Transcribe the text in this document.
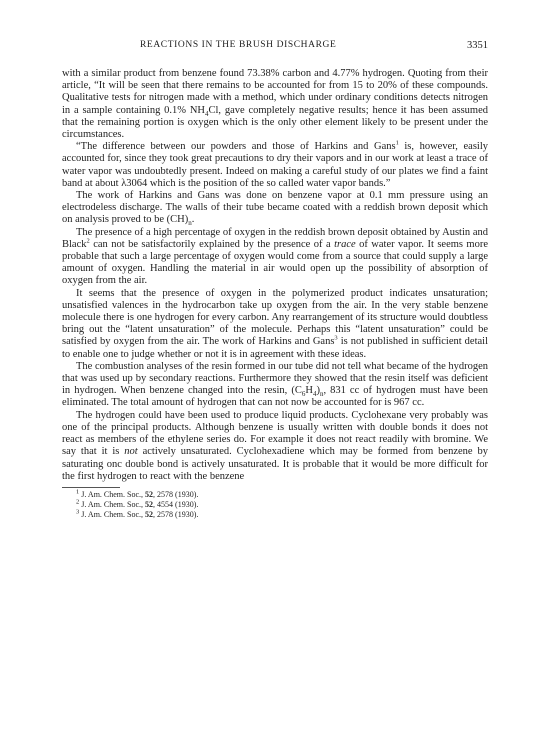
REACTIONS IN THE BRUSH DISCHARGE	3351

with a similar product from benzene found 73.38% carbon and 4.77% hydrogen. Quoting from their article, “It will be seen that there remains to be accounted for from 15 to 20% of these compounds. Qualitative tests for nitrogen made with a method, which under ordinary conditions detects nitrogen in a sample containing 0.1% $NH_4Cl$, gave completely negative results; hence it has been assumed that the remaining portion is oxygen which is the only other element likely to be present under the circumstances.

“The difference between our powders and those of Harkins and Gans$^1$ is, however, easily accounted for, since they took great precautions to dry their vapors and in our work at least a trace of water vapor was undoubtedly present. Indeed on making a careful study of our plates we find a faint band at about λ3064 which is the position of the so called water vapor bands.”

The work of Harkins and Gans was done on benzene vapor at 0.1 mm pressure using an electrodeless discharge. The walls of their tube became coated with a reddish brown deposit which on analysis proved to be $(CH)_n$.

The presence of a high percentage of oxygen in the reddish brown deposit obtained by Austin and Black$^2$ can not be satisfactorily explained by the presence of a trace of water vapor. It seems more probable that such a large percentage of oxygen would come from a source that could supply a large amount of oxygen. Handling the material in air would open up the possibility of absorption of oxygen from the air.

It seems that the presence of oxygen in the polymerized product indicates unsaturation; unsatisfied valences in the hydrocarbon take up oxygen from the air. In the very stable benzene molecule there is one hydrogen for every carbon. Any rearrangement of its structure would doubtless bring out the “latent unsaturation” of the molecule. Perhaps this “latent unsaturation” could be satisfied by oxygen from the air. The work of Harkins and Gans$^3$ is not published in sufficient detail to enable one to judge whether or not it is in agreement with these ideas.

The combustion analyses of the resin formed in our tube did not tell what became of the hydrogen that was used up by secondary reactions. Furthermore they showed that the resin itself was deficient in hydrogen. When benzene changed into the resin, $(C_6H_4)_n$, 831 cc of hydrogen must have been eliminated. The total amount of hydrogen that can not now be accounted for is 967 cc.

The hydrogen could have been used to produce liquid products. Cyclohexane very probably was one of the principal products. Although benzene is usually written with double bonds it does not react as members of the ethylene series do. For example it does not react readily with bromine. We say that it is not actively unsaturated. Cyclohexadiene which may be formed from benzene by saturating onc double bond is actively unsaturated. It is probable that it would be more difficult for the first hydrogen to react with the benzene

$^1$ J. Am. Chem. Soc., 52, 2578 (1930).
$^2$ J. Am. Chem. Soc., 52, 4554 (1930).
$^3$ J. Am. Chem. Soc., 52, 2578 (1930).
